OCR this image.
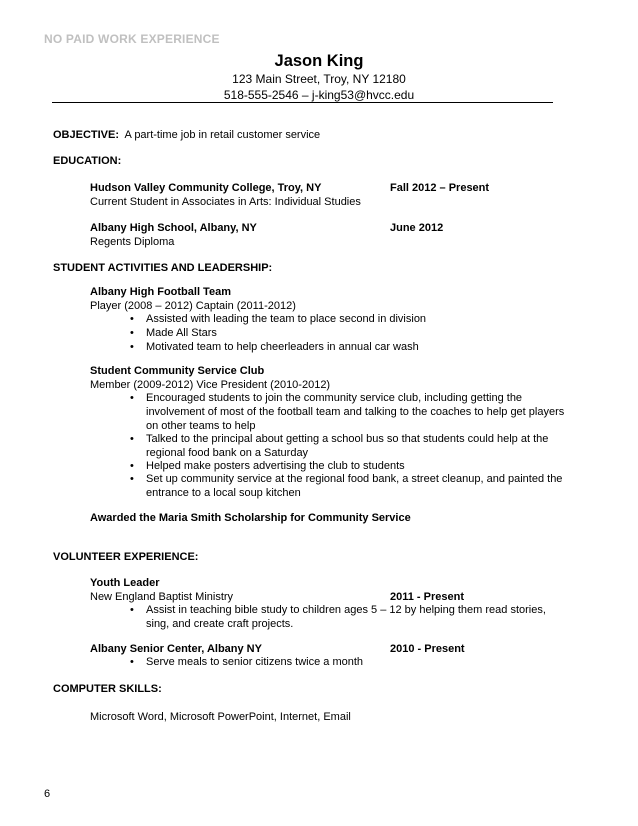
NO PAID WORK EXPERIENCE
Jason King
123 Main Street, Troy, NY 12180
518-555-2546 – j-king53@hvcc.edu
OBJECTIVE: A part-time job in retail customer service
EDUCATION:
Hudson Valley Community College, Troy, NY	Fall 2012 – Present
Current Student in Associates in Arts: Individual Studies
Albany High School, Albany, NY	June 2012
Regents Diploma
STUDENT ACTIVITIES AND LEADERSHIP:
Albany High Football Team
Player (2008 – 2012) Captain (2011-2012)
• Assisted with leading the team to place second in division
• Made All Stars
• Motivated team to help cheerleaders in annual car wash
Student Community Service Club
Member (2009-2012) Vice President (2010-2012)
• Encouraged students to join the community service club, including getting the
involvement of most of the football team and talking to the coaches to help get players
on other teams to help
• Talked to the principal about getting a school bus so that students could help at the
regional food bank on a Saturday
• Helped make posters advertising the club to students
• Set up community service at the regional food bank, a street cleanup, and painted the
entrance to a local soup kitchen
Awarded the Maria Smith Scholarship for Community Service
VOLUNTEER EXPERIENCE:
Youth Leader
New England Baptist Ministry	2011 - Present
• Assist in teaching bible study to children ages 5 – 12 by helping them read stories,
sing, and create craft projects.
Albany Senior Center, Albany NY	2010 - Present
• Serve meals to senior citizens twice a month
COMPUTER SKILLS:
Microsoft Word, Microsoft PowerPoint, Internet, Email
6
